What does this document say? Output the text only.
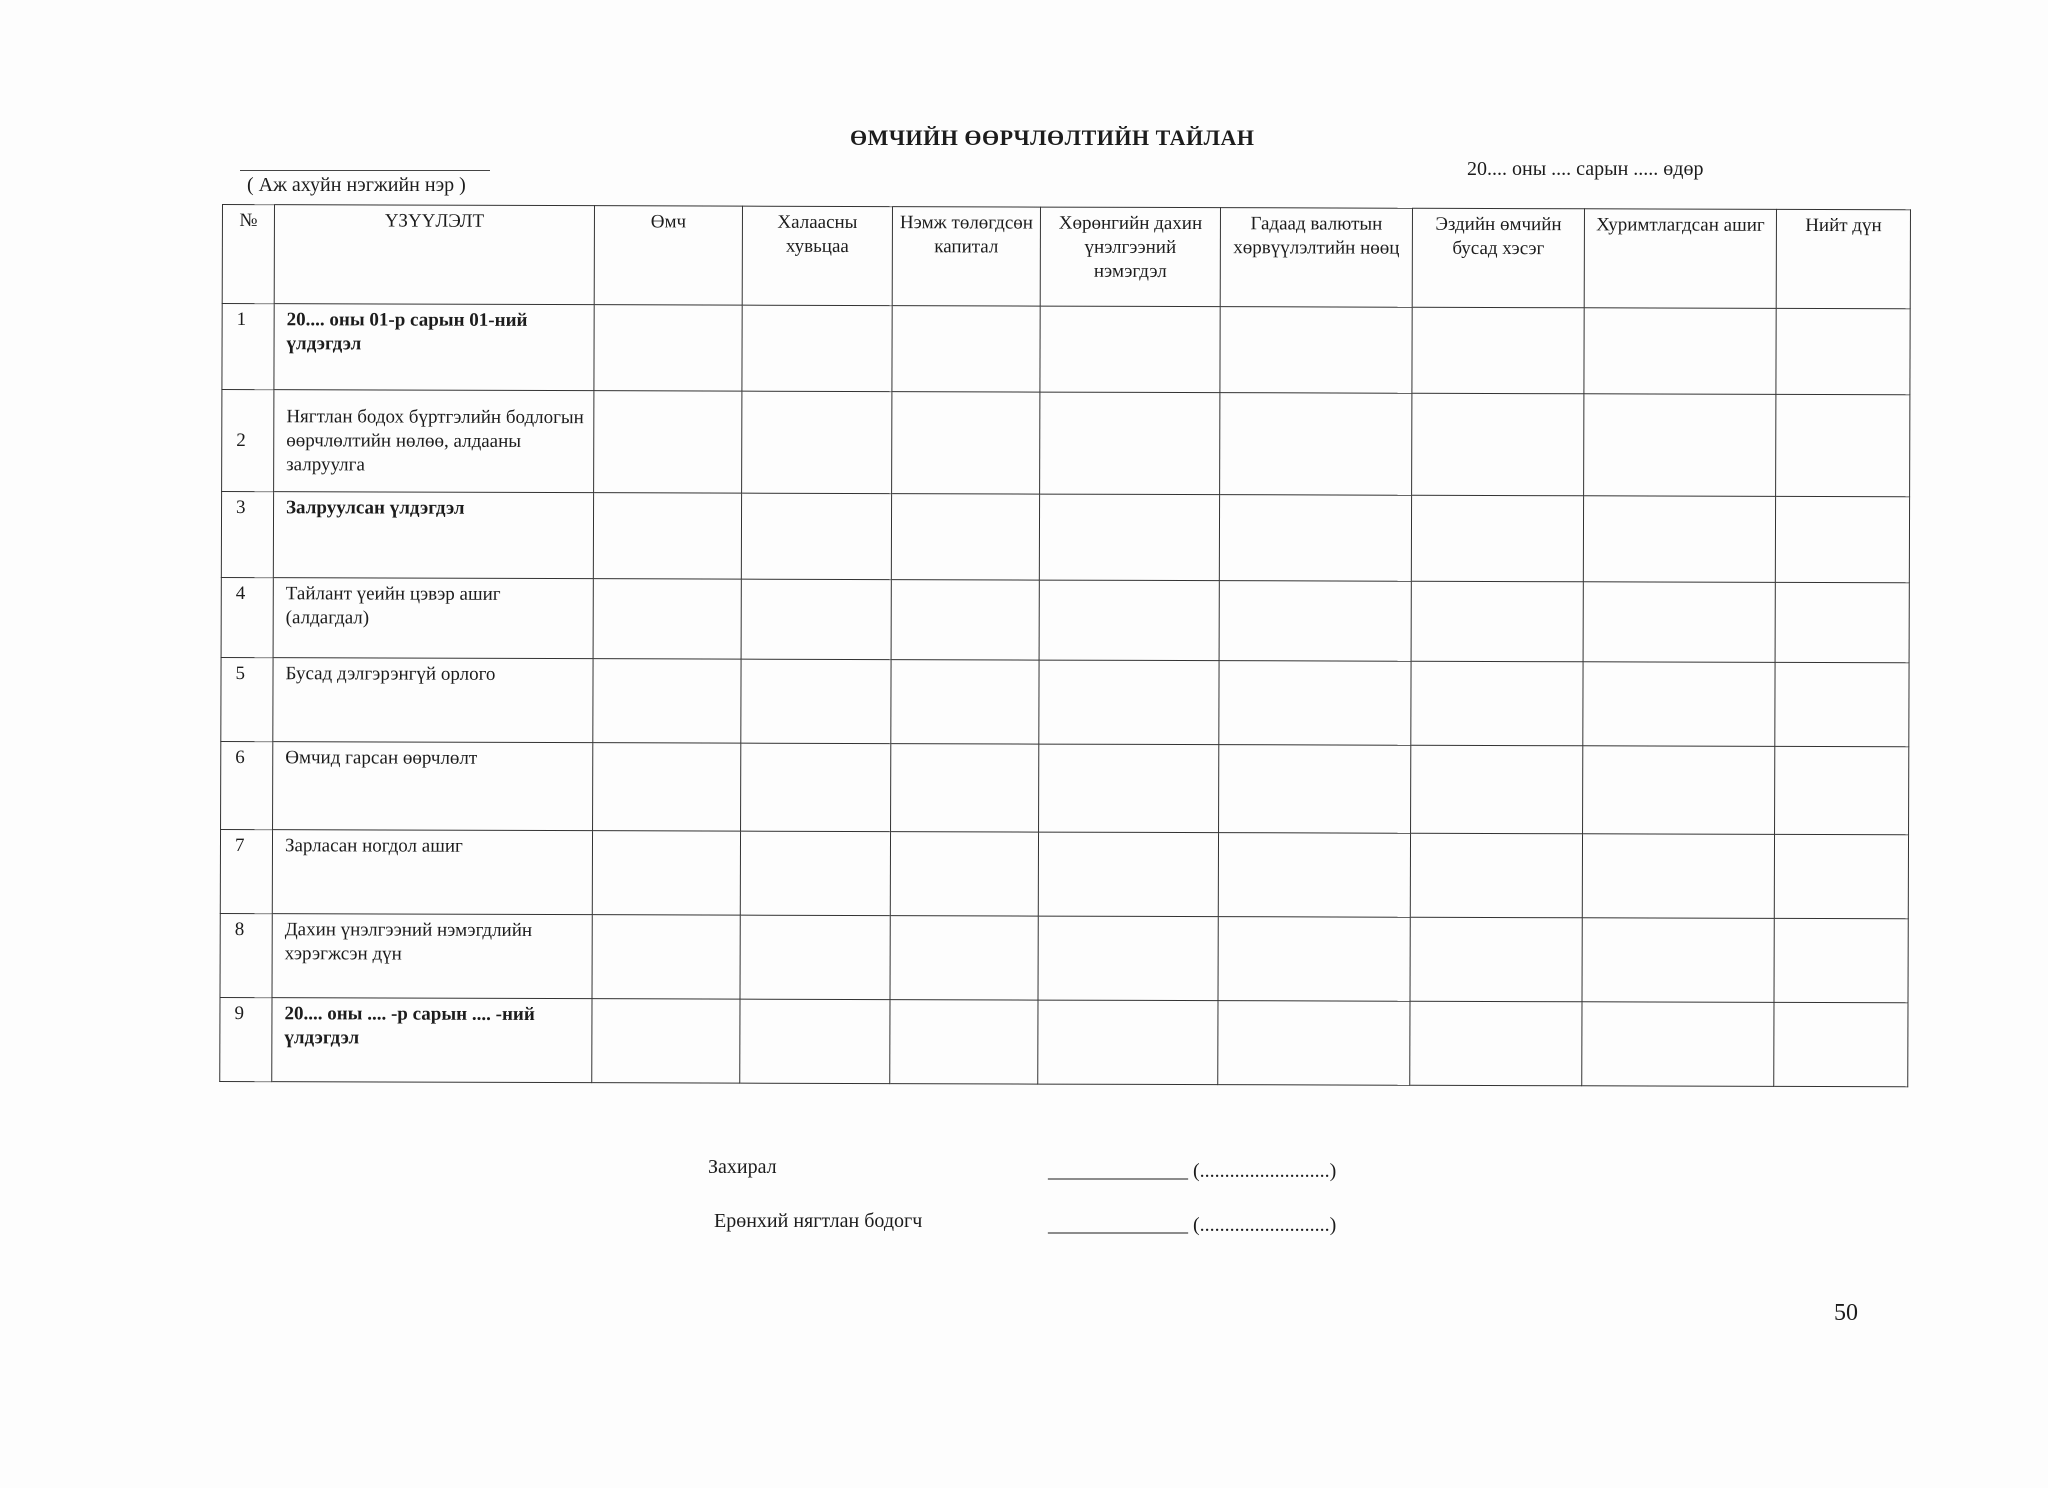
ӨМЧИЙН ӨӨРЧЛӨЛТИЙН ТАЙЛАН
( Аж ахуйн нэгжийн нэр )
20.... оны .... сарын ..... өдөр
№	ҮЗҮҮЛЭЛТ	Өмч	Халаасны хувьцаа	Нэмж төлөгдсөн капитал	Хөрөнгийн дахин үнэлгээний нэмэгдэл	Гадаад валютын хөрвүүлэлтийн нөөц	Эздийн өмчийн бусад хэсэг	Хуримтлагдсан ашиг	Нийт дүн
1	20.... оны 01-р сарын 01-ний үлдэгдэл								
2	Нягтлан бодох бүртгэлийн бодлогын өөрчлөлтийн нөлөө, алдааны залруулга								
3	Залруулсан үлдэгдэл								
4	Тайлант үеийн цэвэр ашиг (алдагдал)								
5	Бусад дэлгэрэнгүй орлого								
6	Өмчид гарсан өөрчлөлт								
7	Зарласан ногдол ашиг								
8	Дахин үнэлгээний нэмэгдлийн хэрэгжсэн дүн								
9	20.... оны .... -р сарын .... -ний үлдэгдэл								
Захирал	______________ (..........................)
Ерөнхий нягтлан бодогч	______________ (..........................)
50
